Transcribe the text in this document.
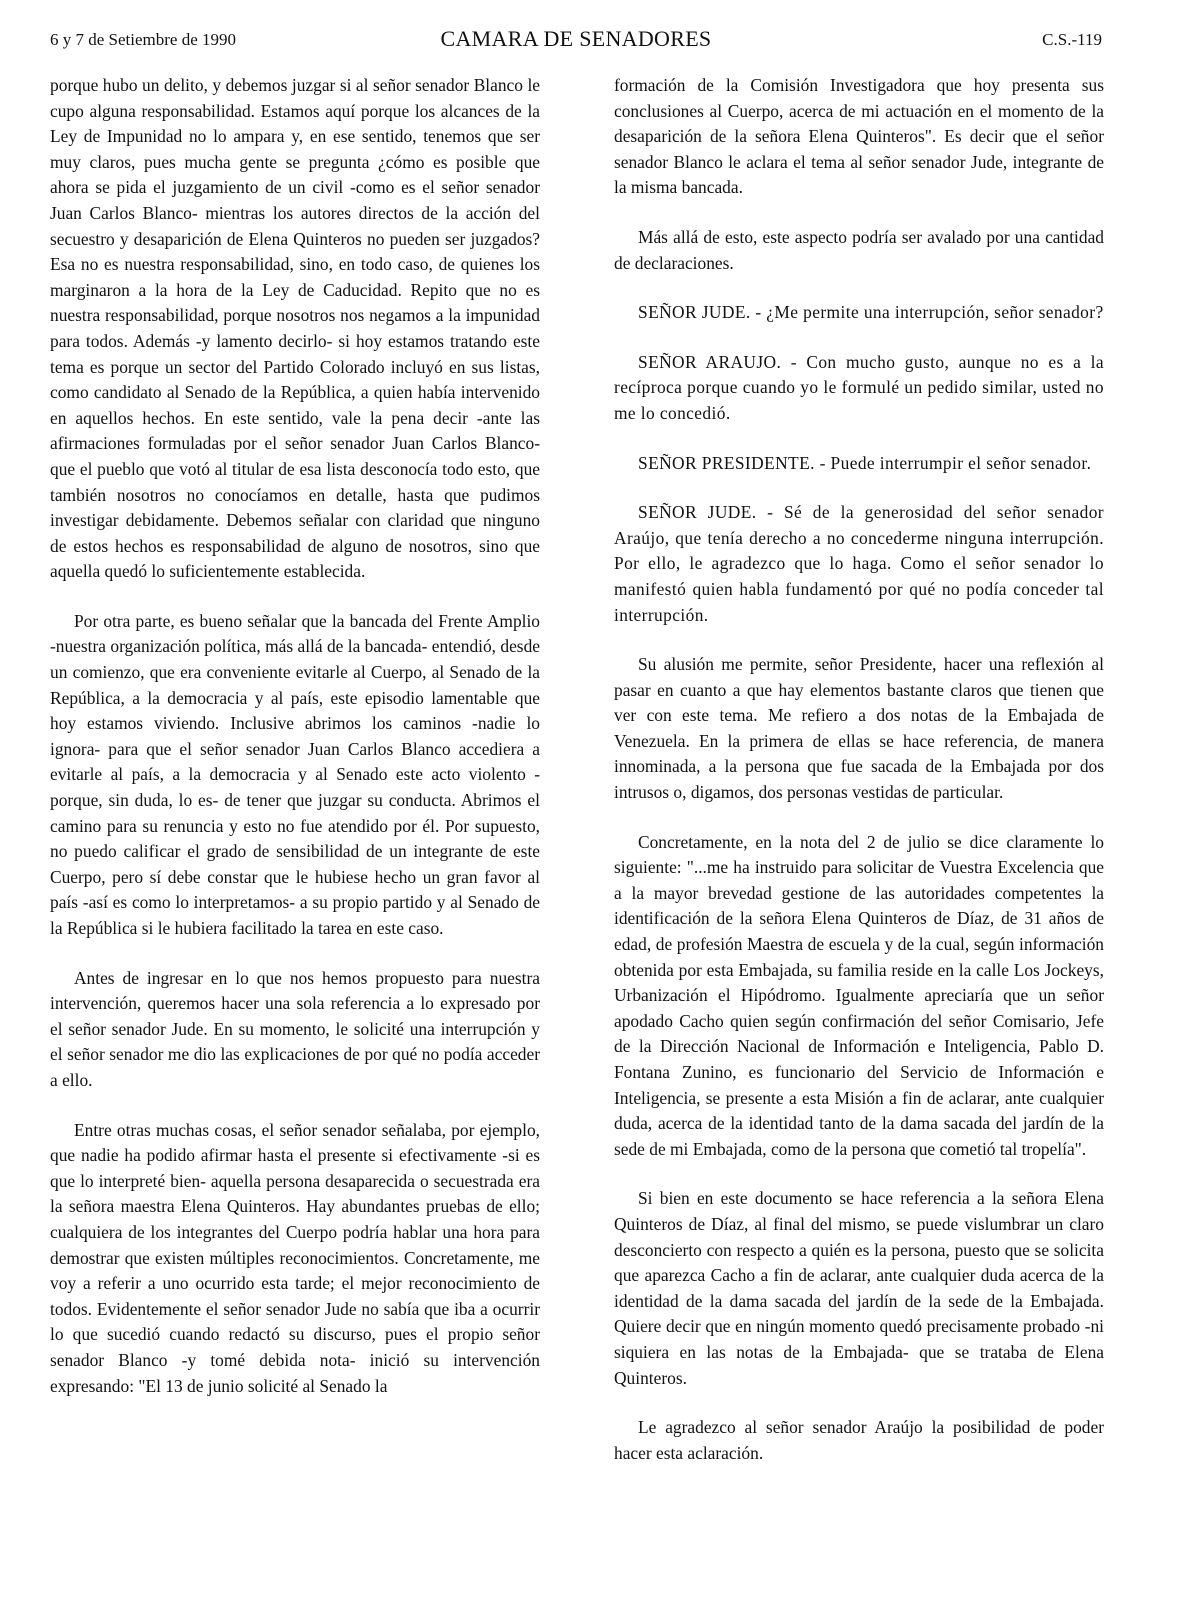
6 y 7 de Setiembre de 1990	CAMARA DE SENADORES	C.S.-119

porque hubo un delito, y debemos juzgar si al señor senador Blanco le cupo alguna responsabilidad. Estamos aquí porque los alcances de la Ley de Impunidad no lo ampara y, en ese sentido, tenemos que ser muy claros, pues mucha gente se pregunta ¿cómo es posible que ahora se pida el juzgamiento de un civil -como es el señor senador Juan Carlos Blanco- mientras los autores directos de la acción del secuestro y desaparición de Elena Quinteros no pueden ser juzgados? Esa no es nuestra responsabilidad, sino, en todo caso, de quienes los marginaron a la hora de la Ley de Caducidad. Repito que no es nuestra responsabilidad, porque nosotros nos negamos a la impunidad para todos. Además -y lamento decirlo- si hoy estamos tratando este tema es porque un sector del Partido Colorado incluyó en sus listas, como candidato al Senado de la República, a quien había intervenido en aquellos hechos. En este sentido, vale la pena decir -ante las afirmaciones formuladas por el señor senador Juan Carlos Blanco- que el pueblo que votó al titular de esa lista desconocía todo esto, que también nosotros no conocíamos en detalle, hasta que pudimos investigar debidamente. Debemos señalar con claridad que ninguno de estos hechos es responsabilidad de alguno de nosotros, sino que aquella quedó lo suficientemente establecida.

Por otra parte, es bueno señalar que la bancada del Frente Amplio -nuestra organización política, más allá de la bancada- entendió, desde un comienzo, que era conveniente evitarle al Cuerpo, al Senado de la República, a la democracia y al país, este episodio lamentable que hoy estamos viviendo. Inclusive abrimos los caminos -nadie lo ignora- para que el señor senador Juan Carlos Blanco accediera a evitarle al país, a la democracia y al Senado este acto violento -porque, sin duda, lo es- de tener que juzgar su conducta. Abrimos el camino para su renuncia y esto no fue atendido por él. Por supuesto, no puedo calificar el grado de sensibilidad de un integrante de este Cuerpo, pero sí debe constar que le hubiese hecho un gran favor al país -así es como lo interpretamos- a su propio partido y al Senado de la República si le hubiera facilitado la tarea en este caso.

Antes de ingresar en lo que nos hemos propuesto para nuestra intervención, queremos hacer una sola referencia a lo expresado por el señor senador Jude. En su momento, le solicité una interrupción y el señor senador me dio las explicaciones de por qué no podía acceder a ello.

Entre otras muchas cosas, el señor senador señalaba, por ejemplo, que nadie ha podido afirmar hasta el presente si efectivamente -si es que lo interpreté bien- aquella persona desaparecida o secuestrada era la señora maestra Elena Quinteros. Hay abundantes pruebas de ello; cualquiera de los integrantes del Cuerpo podría hablar una hora para demostrar que existen múltiples reconocimientos. Concretamente, me voy a referir a uno ocurrido esta tarde; el mejor reconocimiento de todos. Evidentemente el señor senador Jude no sabía que iba a ocurrir lo que sucedió cuando redactó su discurso, pues el propio señor senador Blanco -y tomé debida nota- inició su intervención expresando: "El 13 de junio solicité al Senado la

formación de la Comisión Investigadora que hoy presenta sus conclusiones al Cuerpo, acerca de mi actuación en el momento de la desaparición de la señora Elena Quinteros". Es decir que el señor senador Blanco le aclara el tema al señor senador Jude, integrante de la misma bancada.

Más allá de esto, este aspecto podría ser avalado por una cantidad de declaraciones.

SEÑOR JUDE. - ¿Me permite una interrupción, señor senador?

SEÑOR ARAUJO. - Con mucho gusto, aunque no es a la recíproca porque cuando yo le formulé un pedido similar, usted no me lo concedió.

SEÑOR PRESIDENTE. - Puede interrumpir el señor senador.

SEÑOR JUDE. - Sé de la generosidad del señor senador Araújo, que tenía derecho a no concederme ninguna interrupción. Por ello, le agradezco que lo haga. Como el señor senador lo manifestó quien habla fundamentó por qué no podía conceder tal interrupción.

Su alusión me permite, señor Presidente, hacer una reflexión al pasar en cuanto a que hay elementos bastante claros que tienen que ver con este tema. Me refiero a dos notas de la Embajada de Venezuela. En la primera de ellas se hace referencia, de manera innominada, a la persona que fue sacada de la Embajada por dos intrusos o, digamos, dos personas vestidas de particular.

Concretamente, en la nota del 2 de julio se dice claramente lo siguiente: "...me ha instruido para solicitar de Vuestra Excelencia que a la mayor brevedad gestione de las autoridades competentes la identificación de la señora Elena Quinteros de Díaz, de 31 años de edad, de profesión Maestra de escuela y de la cual, según información obtenida por esta Embajada, su familia reside en la calle Los Jockeys, Urbanización el Hipódromo. Igualmente apreciaría que un señor apodado Cacho quien según confirmación del señor Comisario, Jefe de la Dirección Nacional de Información e Inteligencia, Pablo D. Fontana Zunino, es funcionario del Servicio de Información e Inteligencia, se presente a esta Misión a fin de aclarar, ante cualquier duda, acerca de la identidad tanto de la dama sacada del jardín de la sede de mi Embajada, como de la persona que cometió tal tropelía".

Si bien en este documento se hace referencia a la señora Elena Quinteros de Díaz, al final del mismo, se puede vislumbrar un claro desconcierto con respecto a quién es la persona, puesto que se solicita que aparezca Cacho a fin de aclarar, ante cualquier duda acerca de la identidad de la dama sacada del jardín de la sede de la Embajada. Quiere decir que en ningún momento quedó precisamente probado -ni siquiera en las notas de la Embajada- que se trataba de Elena Quinteros.

Le agradezco al señor senador Araújo la posibilidad de poder hacer esta aclaración.
